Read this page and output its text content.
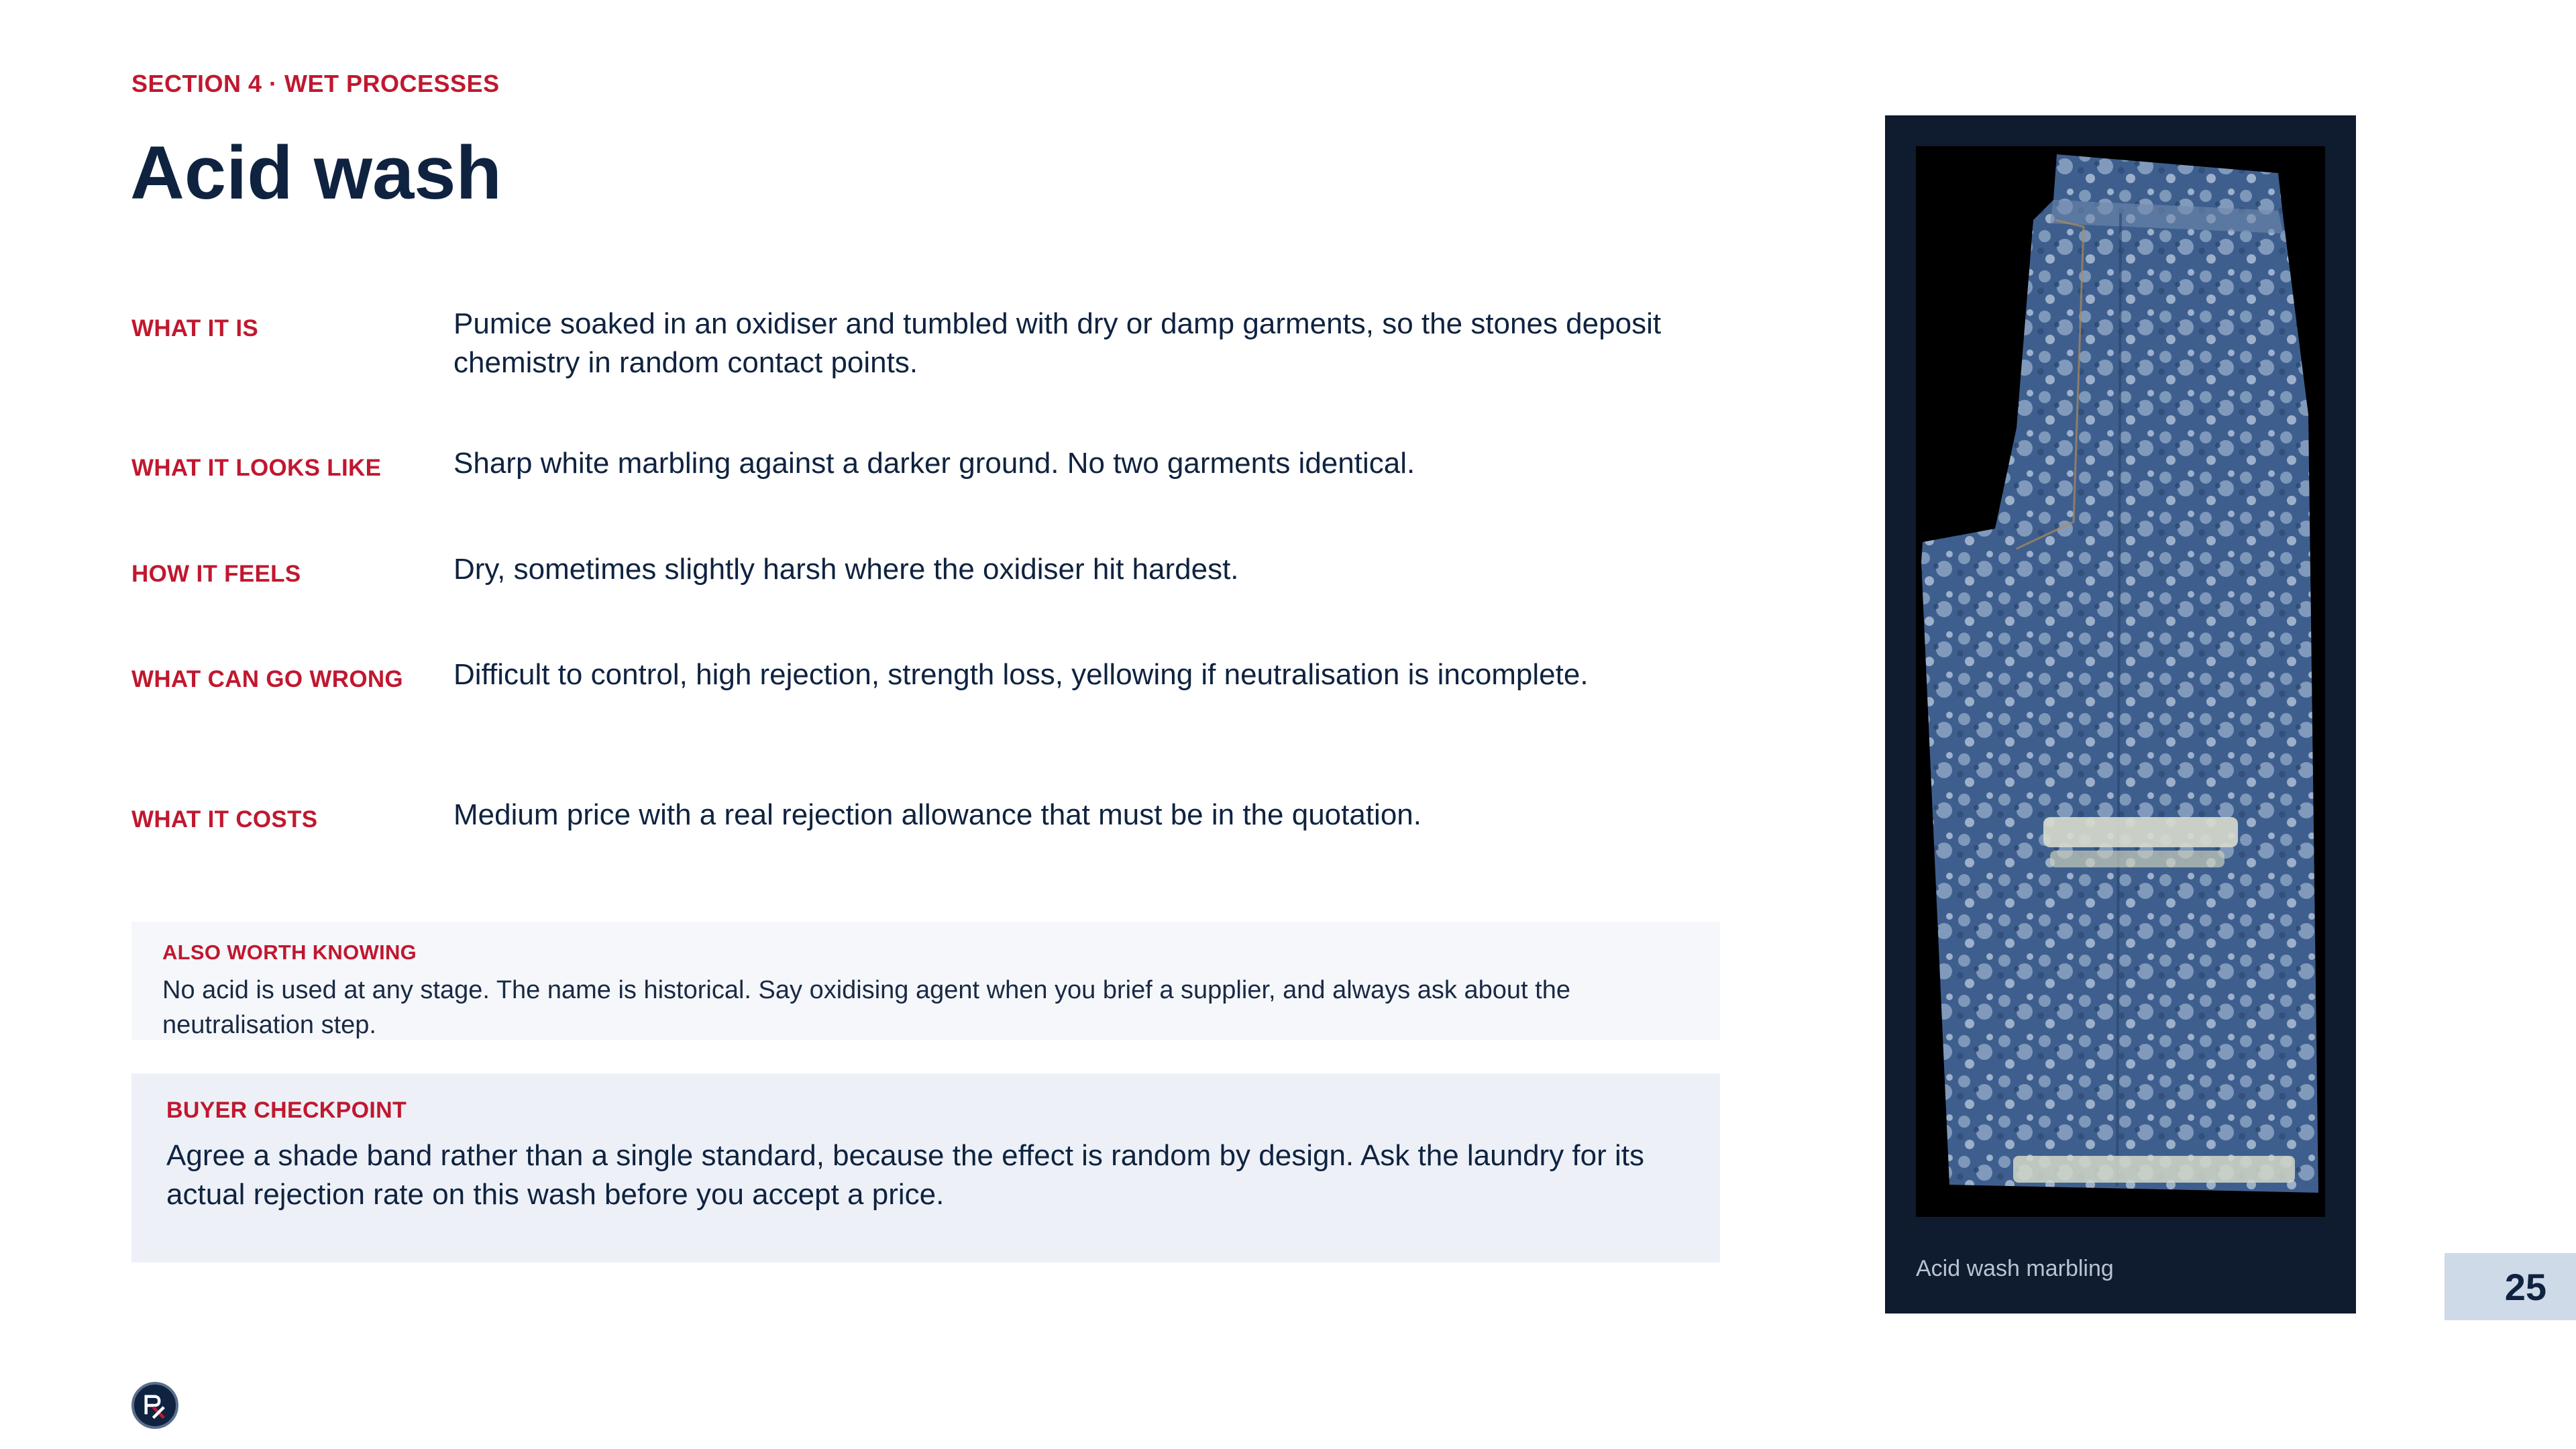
SECTION 4 · WET PROCESSES
Acid wash
WHAT IT IS	Pumice soaked in an oxidiser and tumbled with dry or damp garments, so the stones deposit chemistry in random contact points.
WHAT IT LOOKS LIKE	Sharp white marbling against a darker ground. No two garments identical.
HOW IT FEELS	Dry, sometimes slightly harsh where the oxidiser hit hardest.
WHAT CAN GO WRONG	Difficult to control, high rejection, strength loss, yellowing if neutralisation is incomplete.
WHAT IT COSTS	Medium price with a real rejection allowance that must be in the quotation.
ALSO WORTH KNOWING
No acid is used at any stage. The name is historical. Say oxidising agent when you brief a supplier, and always ask about the neutralisation step.
BUYER CHECKPOINT
Agree a shade band rather than a single standard, because the effect is random by design. Ask the laundry for its actual rejection rate on this wash before you accept a price.
Acid wash marbling	25
